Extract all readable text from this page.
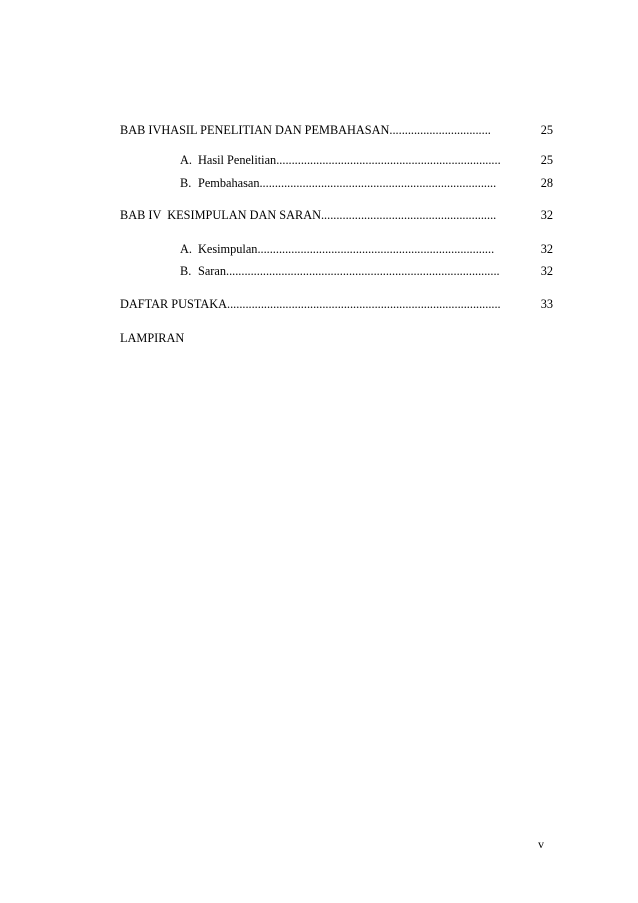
BAB IVHASIL PENELITIAN DAN PEMBAHASAN.................................	25
A. Hasil Penelitian.........................................................................	25
B. Pembahasan.............................................................................	28
BAB IV  KESIMPULAN DAN SARAN.........................................................	32
A. Kesimpulan.............................................................................	32
B. Saran.........................................................................................	32
DAFTAR PUSTAKA.........................................................................................	33
LAMPIRAN
v
